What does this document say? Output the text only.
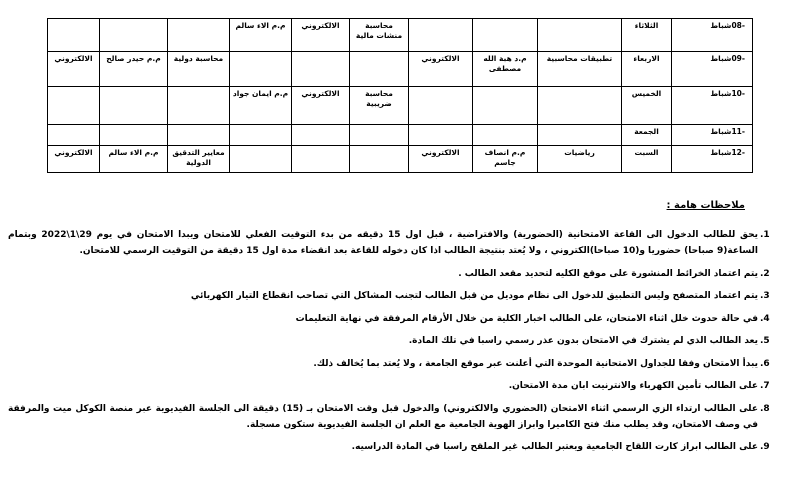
-08شباط	الثلاثاء				محاسبة منشات مالية	الالكتروني	م.م الاء سالم			
-09شباط	الاربعاء	تطبيقات محاسبية	م.د هبة الله مصطفى	الالكتروني				محاسبة دولية	م.م حيدر صالح	الالكتروني
-10شباط	الخميس				محاسبة ضريبية	الالكتروني	م.م ايمان جواد			
-11شباط	الجمعة									
-12شباط	السبت	رياضيات	م.م انصاف جاسم	الالكتروني				معايير التدقيق الدولية	م.م الاء سالم	الالكتروني
ملاحظات هامة :
1.
يحق للطالب الدخول الى القاعة الامتحانية (الحضورية) والافتراضية ، قبل اول 15 دقيقه من بدء التوقيت الفعلي للامتحان ويبدا الامتحان في يوم 29\1\2022 وبتمام الساعة(9 صباحا) حضوريا و(10 صباحا)الكتروني ، ولا يُعتد بنتيجة الطالب اذا كان دخوله للقاعة بعد انقضاء مدة اول 15 دقيقة من التوقيت الرسمي للامتحان.
2.
يتم اعتماد الخرائط المنشورة على موقع الكليه لتحديد مقعد الطالب .
3.
يتم اعتماد المتصفح وليس التطبيق للدخول الى نظام موديل من قبل الطالب لتجنب المشاكل التي تصاحب انقطاع التيار الكهربائي
4.
في حالة حدوث خلل اثناء الامتحان، على الطالب اخبار الكلية من خلال الأرقام المرفقة في نهاية التعليمات
5.
يعد الطالب الذي لم يشترك في الامتحان بدون عذر رسمي راسبا في تلك المادة.
6.
يبدأ الامتحان وفقا للجداول الامتحانية الموحدة التي أعلنت عبر موقع الجامعة ، ولا يُعتد بما يُخالف ذلك.
7.
على الطالب تأمين الكهرباء والانترنيت ابان مدة الامتحان.
8.
على الطالب ارتداء الزي الرسمي اثناء الامتحان (الحضوري والالكتروني) والدخول قبل وقت الامتحان بـ (15) دقيقة الى الجلسة الفيديوية عبر منصة الكوكل ميت والمرفقة في وصف الامتحان، وقد يطلب منك فتح الكاميرا وابراز الهوية الجامعية مع العلم ان الجلسة الفيديوية ستكون مسجلة.
9.
على الطالب ابراز كارت اللقاح الجامعية ويعتبر الطالب غير الملقح راسبا في المادة الدراسيه.
